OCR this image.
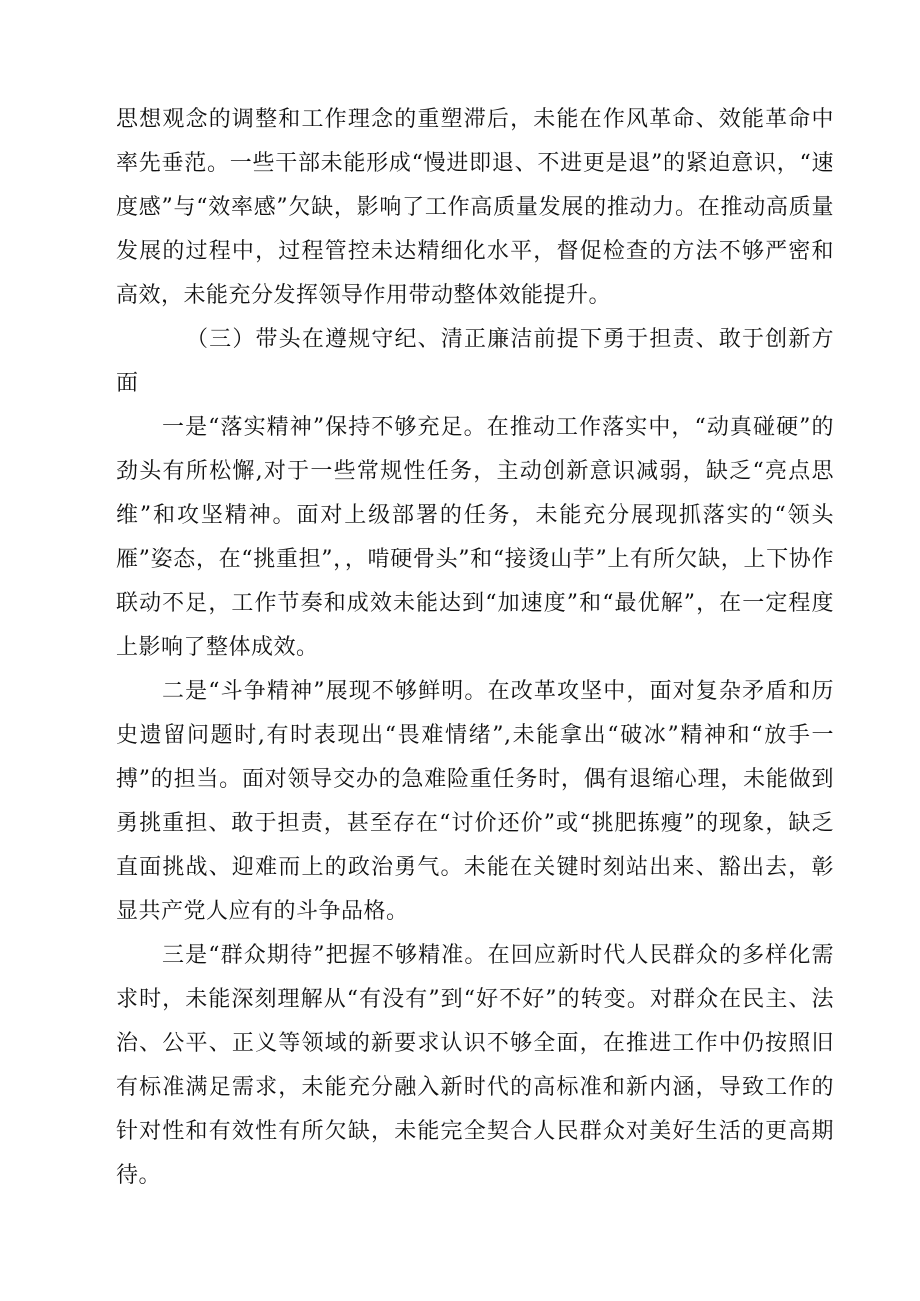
思想观念的调整和工作理念的重塑滞后，未能在作风革命、效能革命中率先垂范。一些干部未能形成“慢进即退、不进更是退”的紧迫意识，“速度感”与“效率感”欠缺，影响了工作高质量发展的推动力。在推动高质量发展的过程中，过程管控未达精细化水平，督促检查的方法不够严密和高效，未能充分发挥领导作用带动整体效能提升。

（三）带头在遵规守纪、清正廉洁前提下勇于担责、敢于创新方面

一是“落实精神”保持不够充足。在推动工作落实中，“动真碰硬”的劲头有所松懈,对于一些常规性任务，主动创新意识减弱，缺乏“亮点思维”和攻坚精神。面对上级部署的任务，未能充分展现抓落实的“领头雁”姿态，在“挑重担”，，啃硬骨头”和“接烫山芋”上有所欠缺，上下协作联动不足，工作节奏和成效未能达到“加速度”和“最优解”，在一定程度上影响了整体成效。

二是“斗争精神”展现不够鲜明。在改革攻坚中，面对复杂矛盾和历史遗留问题时,有时表现出“畏难情绪”,未能拿出“破冰”精神和“放手一搏”的担当。面对领导交办的急难险重任务时，偶有退缩心理，未能做到勇挑重担、敢于担责，甚至存在“讨价还价”或“挑肥拣瘦”的现象，缺乏直面挑战、迎难而上的政治勇气。未能在关键时刻站出来、豁出去，彰显共产党人应有的斗争品格。

三是“群众期待”把握不够精准。在回应新时代人民群众的多样化需求时，未能深刻理解从“有没有”到“好不好”的转变。对群众在民主、法治、公平、正义等领域的新要求认识不够全面，在推进工作中仍按照旧有标准满足需求，未能充分融入新时代的高标准和新内涵，导致工作的针对性和有效性有所欠缺，未能完全契合人民群众对美好生活的更高期待。
